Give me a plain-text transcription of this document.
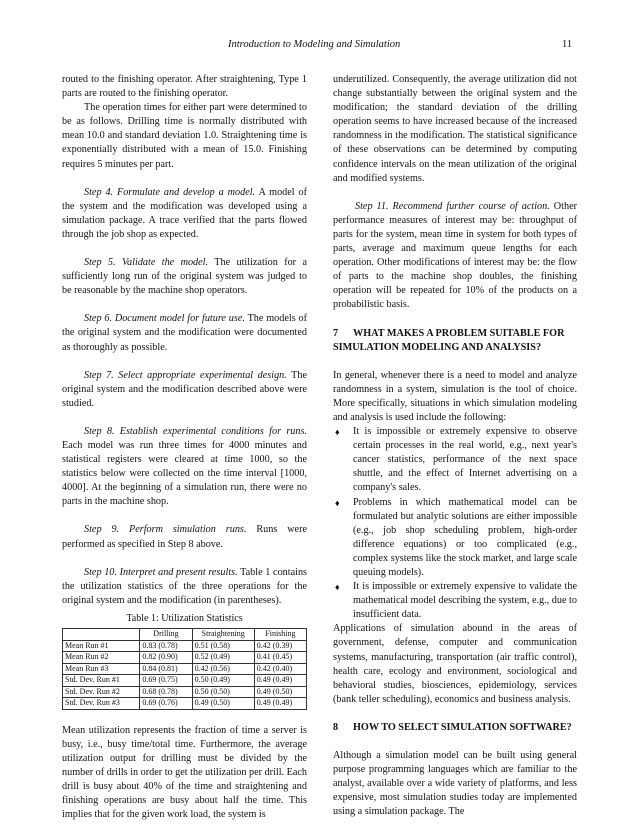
Introduction to Modeling and Simulation	11

routed to the finishing operator. After straightening, Type 1 parts are routed to the finishing operator.

The operation times for either part were determined to be as follows. Drilling time is normally distributed with mean 10.0 and standard deviation 1.0. Straightening time is exponentially distributed with a mean of 15.0. Finishing requires 5 minutes per part.

Step 4. Formulate and develop a model. A model of the system and the modification was developed using a simulation package. A trace verified that the parts flowed through the job shop as expected.

Step 5. Validate the model. The utilization for a sufficiently long run of the original system was judged to be reasonable by the machine shop operators.

Step 6. Document model for future use. The models of the original system and the modification were documented as thoroughly as possible.

Step 7. Select appropriate experimental design. The original system and the modification described above were studied.

Step 8. Establish experimental conditions for runs. Each model was run three times for 4000 minutes and statistical registers were cleared at time 1000, so the statistics below were collected on the time interval [1000, 4000]. At the beginning of a simulation run, there were no parts in the machine shop.

Step 9. Perform simulation runs. Runs were performed as specified in Step 8 above.

Step 10. Interpret and present results. Table 1 contains the utilization statistics of the three operations for the original system and the modification (in parentheses).

Table 1: Utilization Statistics
	Drilling	Straightening	Finishing
Mean Run #1	0.83 (0.78)	0.51 (0.58)	0.42 (0.39)
Mean Run #2	0.82 (0.90)	0.52 (0.49)	0.41 (0.45)
Mean Run #3	0.84 (0.81)	0.42 (0.56)	0.42 (0.40)
Std. Dev. Run #1	0.69 (0.75)	0.50 (0.49)	0.49 (0.49)
Std. Dev. Run #2	0.68 (0.78)	0.50 (0.50)	0.49 (0.50)
Std. Dev. Run #3	0.69 (0.76)	0.49 (0.50)	0.49 (0.49)

Mean utilization represents the fraction of time a server is busy, i.e., busy time/total time. Furthermore, the average utilization output for drilling must be divided by the number of drills in order to get the utilization per drill. Each drill is busy about 40% of the time and straightening and finishing operations are busy about half the time. This implies that for the given work load, the system is

underutilized. Consequently, the average utilization did not change substantially between the original system and the modification; the standard deviation of the drilling operation seems to have increased because of the increased randomness in the modification. The statistical significance of these observations can be determined by computing confidence intervals on the mean utilization of the original and modified systems.

Step 11. Recommend further course of action. Other performance measures of interest may be: throughput of parts for the system, mean time in system for both types of parts, average and maximum queue lengths for each operation. Other modifications of interest may be: the flow of parts to the machine shop doubles, the finishing operation will be repeated for 10% of the products on a probabilistic basis.

7 WHAT MAKES A PROBLEM SUITABLE FOR SIMULATION MODELING AND ANALYSIS?

In general, whenever there is a need to model and analyze randomness in a system, simulation is the tool of choice. More specifically, situations in which simulation modeling and analysis is used include the following:

♦ It is impossible or extremely expensive to observe certain processes in the real world, e.g., next year's cancer statistics, performance of the next space shuttle, and the effect of Internet advertising on a company's sales.
♦ Problems in which mathematical model can be formulated but analytic solutions are either impossible (e.g., job shop scheduling problem, high-order difference equations) or too complicated (e.g., complex systems like the stock market, and large scale queuing models).
♦ It is impossible or extremely expensive to validate the mathematical model describing the system, e.g., due to insufficient data.

Applications of simulation abound in the areas of government, defense, computer and communication systems, manufacturing, transportation (air traffic control), health care, ecology and environment, sociological and behavioral studies, biosciences, epidemiology, services (bank teller scheduling), economics and business analysis.

8 HOW TO SELECT SIMULATION SOFTWARE?

Although a simulation model can be built using general purpose programming languages which are familiar to the analyst, available over a wide variety of platforms, and less expensive, most simulation studies today are implemented using a simulation package. The
